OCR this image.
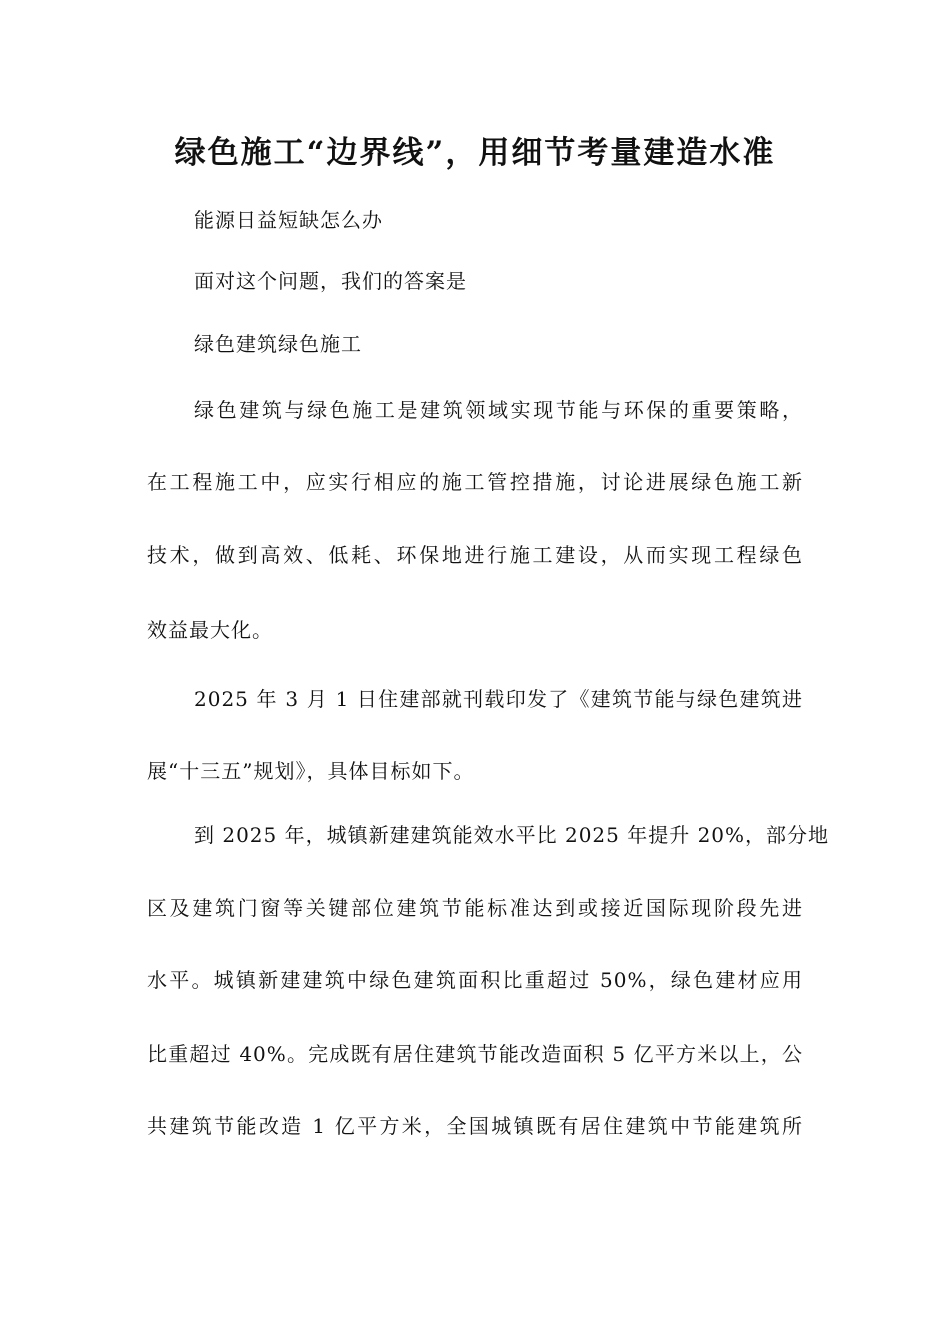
绿色施工“边界线”，用细节考量建造水准
能源日益短缺怎么办
面对这个问题，我们的答案是
绿色建筑绿色施工
绿色建筑与绿色施工是建筑领域实现节能与环保的重要策略，
在工程施工中，应实行相应的施工管控措施，讨论进展绿色施工新
技术，做到高效、低耗、环保地进行施工建设，从而实现工程绿色
效益最大化。
2025 年 3 月 1 日住建部就刊载印发了《建筑节能与绿色建筑进
展“十三五”规划》，具体目标如下。
到 2025 年，城镇新建建筑能效水平比 2025 年提升 20%，部分地
区及建筑门窗等关键部位建筑节能标准达到或接近国际现阶段先进
水平。城镇新建建筑中绿色建筑面积比重超过 50%，绿色建材应用
比重超过 40%。完成既有居住建筑节能改造面积 5 亿平方米以上，公
共建筑节能改造 1 亿平方米，全国城镇既有居住建筑中节能建筑所
